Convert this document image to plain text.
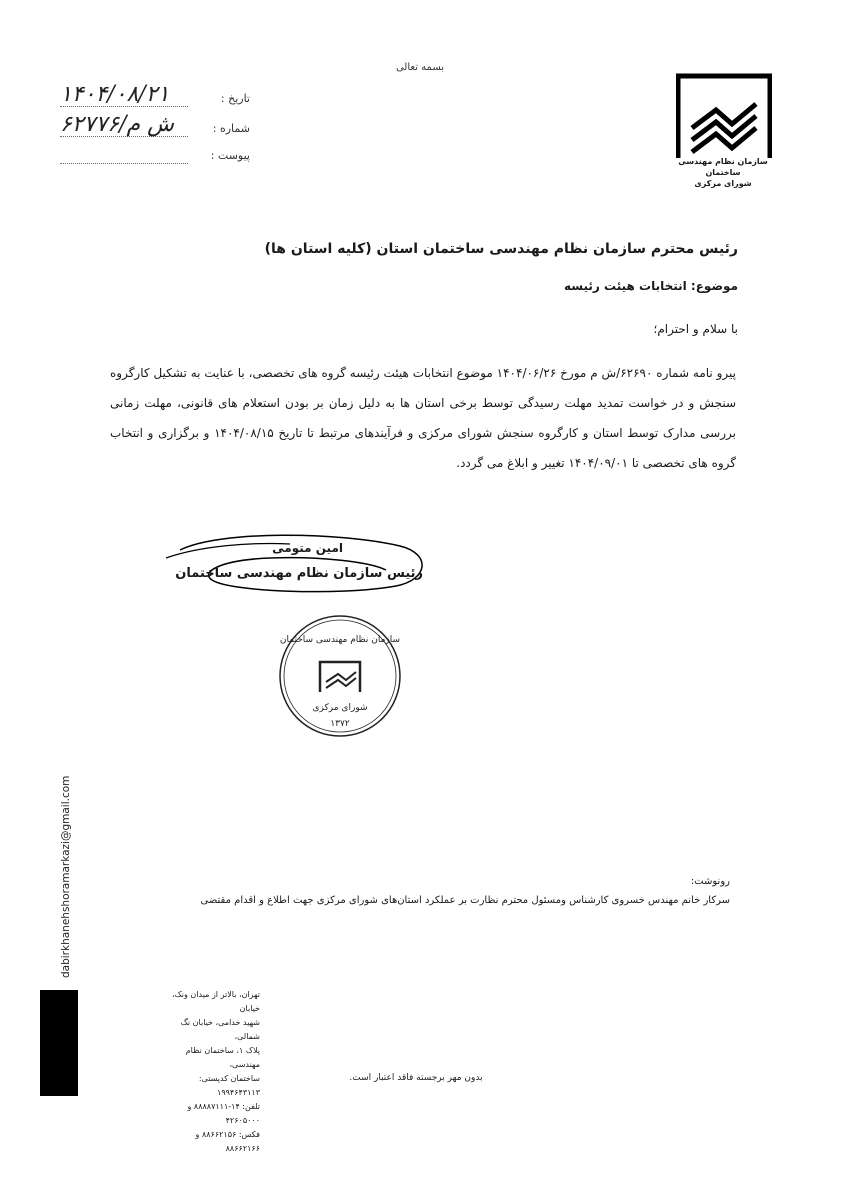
بسمه تعالی
سازمان نظام مهندسی ساختمان
شورای مرکزی
تاریخ :
۱۴۰۴/۰۸/۲۱
شماره :
۶۲۷۷۶/ش م
پیوست :
رئیس محترم سازمان نظام مهندسی ساختمان استان (کلیه استان ها)
موضوع: انتخابات هیئت رئیسه
با سلام و احترام؛
پیرو نامه شماره ۶۲۶۹۰/ش م مورخ ۱۴۰۴/۰۶/۲۶ موضوع انتخابات هیئت رئیسه گروه های تخصصی، با عنایت به تشکیل کارگروه سنجش و در خواست تمدید مهلت رسیدگی توسط برخی استان ها به دلیل زمان بر بودن استعلام های قانونی، مهلت زمانی بررسی مدارک توسط استان و کارگروه سنجش شورای مرکزی و فرآیندهای مرتبط تا تاریخ ۱۴۰۴/۰۸/۱۵ و برگزاری و انتخاب گروه های تخصصی تا ۱۴۰۴/۰۹/۰۱ تغییر و ابلاغ می گردد.
امین متومی
رئیس سازمان نظام مهندسی ساختمان
سازمان نظام مهندسی ساختمان
شورای مرکزی
۱۳۷۲
رونوشت:
سرکار خانم مهندس خسروی کارشناس ومسئول محترم نظارت بر عملکرد استان‌های شورای مرکزی جهت اطلاع و اقدام مقتضی
dabirkhanehshoramarkazi@gmail.com
تهران، بالاتر از میدان ونک، خیابان
شهید خدامی، خیابان نگ شمالی،
پلاک ۱، ساختمان نظام مهندسی،
ساختمان کدپستی: ۱۹۹۴۶۴۳۱۱۳
تلفن: ۱۴-۸۸۸۸۷۱۱۱ و ۴۲۶۰۵۰۰۰
فکس: ۸۸۶۶۲۱۵۶ و ۸۸۶۶۲۱۶۶
بدون مهر برجسته فاقد اعتبار است.
